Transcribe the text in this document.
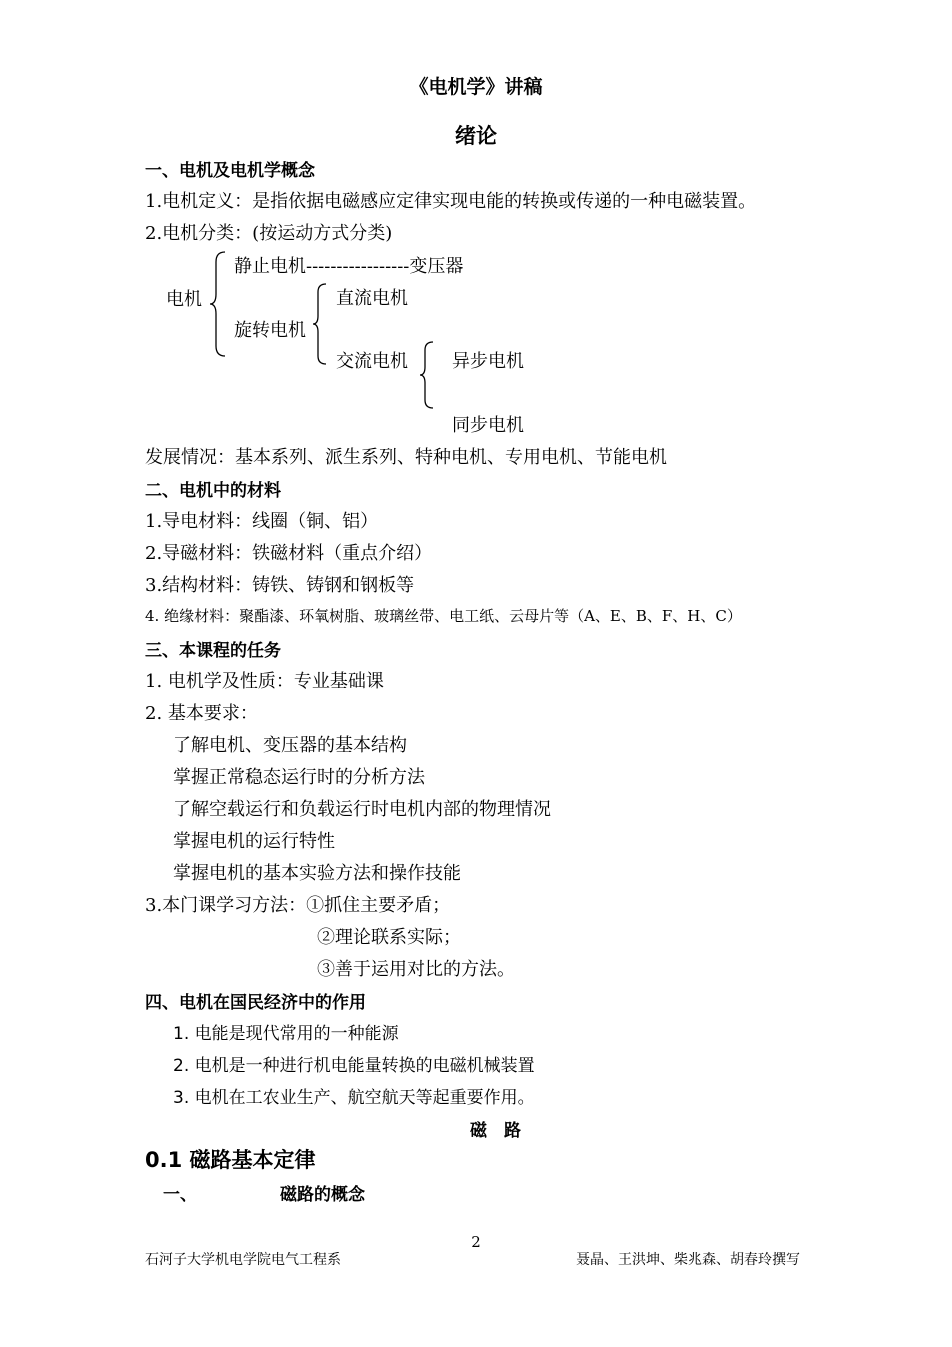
《电机学》讲稿
绪论
一、电机及电机学概念
1.电机定义：是指依据电磁感应定律实现电能的转换或传递的一种电磁装置。
2.电机分类：(按运动方式分类)
电机
静止电机-----------------变压器
旋转电机
直流电机
交流电机 异步电机
同步电机
发展情况：基本系列、派生系列、特种电机、专用电机、节能电机
二、电机中的材料
1.导电材料：线圈（铜、铝）
2.导磁材料：铁磁材料（重点介绍）
3.结构材料：铸铁、铸钢和钢板等
4. 绝缘材料：聚酯漆、环氧树脂、玻璃丝带、电工纸、云母片等（A、E、B、F、H、C）
三、本课程的任务
1. 电机学及性质：专业基础课
2. 基本要求：
了解电机、变压器的基本结构
掌握正常稳态运行时的分析方法
了解空载运行和负载运行时电机内部的物理情况
掌握电机的运行特性
掌握电机的基本实验方法和操作技能
3.本门课学习方法：①抓住主要矛盾；
②理论联系实际；
③善于运用对比的方法。
四、电机在国民经济中的作用
1. 电能是现代常用的一种能源
2. 电机是一种进行机电能量转换的电磁机械装置
3. 电机在工农业生产、航空航天等起重要作用。
磁　路
0.1 磁路基本定律
一、	磁路的概念
2
石河子大学机电学院电气工程系	聂晶、王洪坤、柴兆森、胡春玲撰写
